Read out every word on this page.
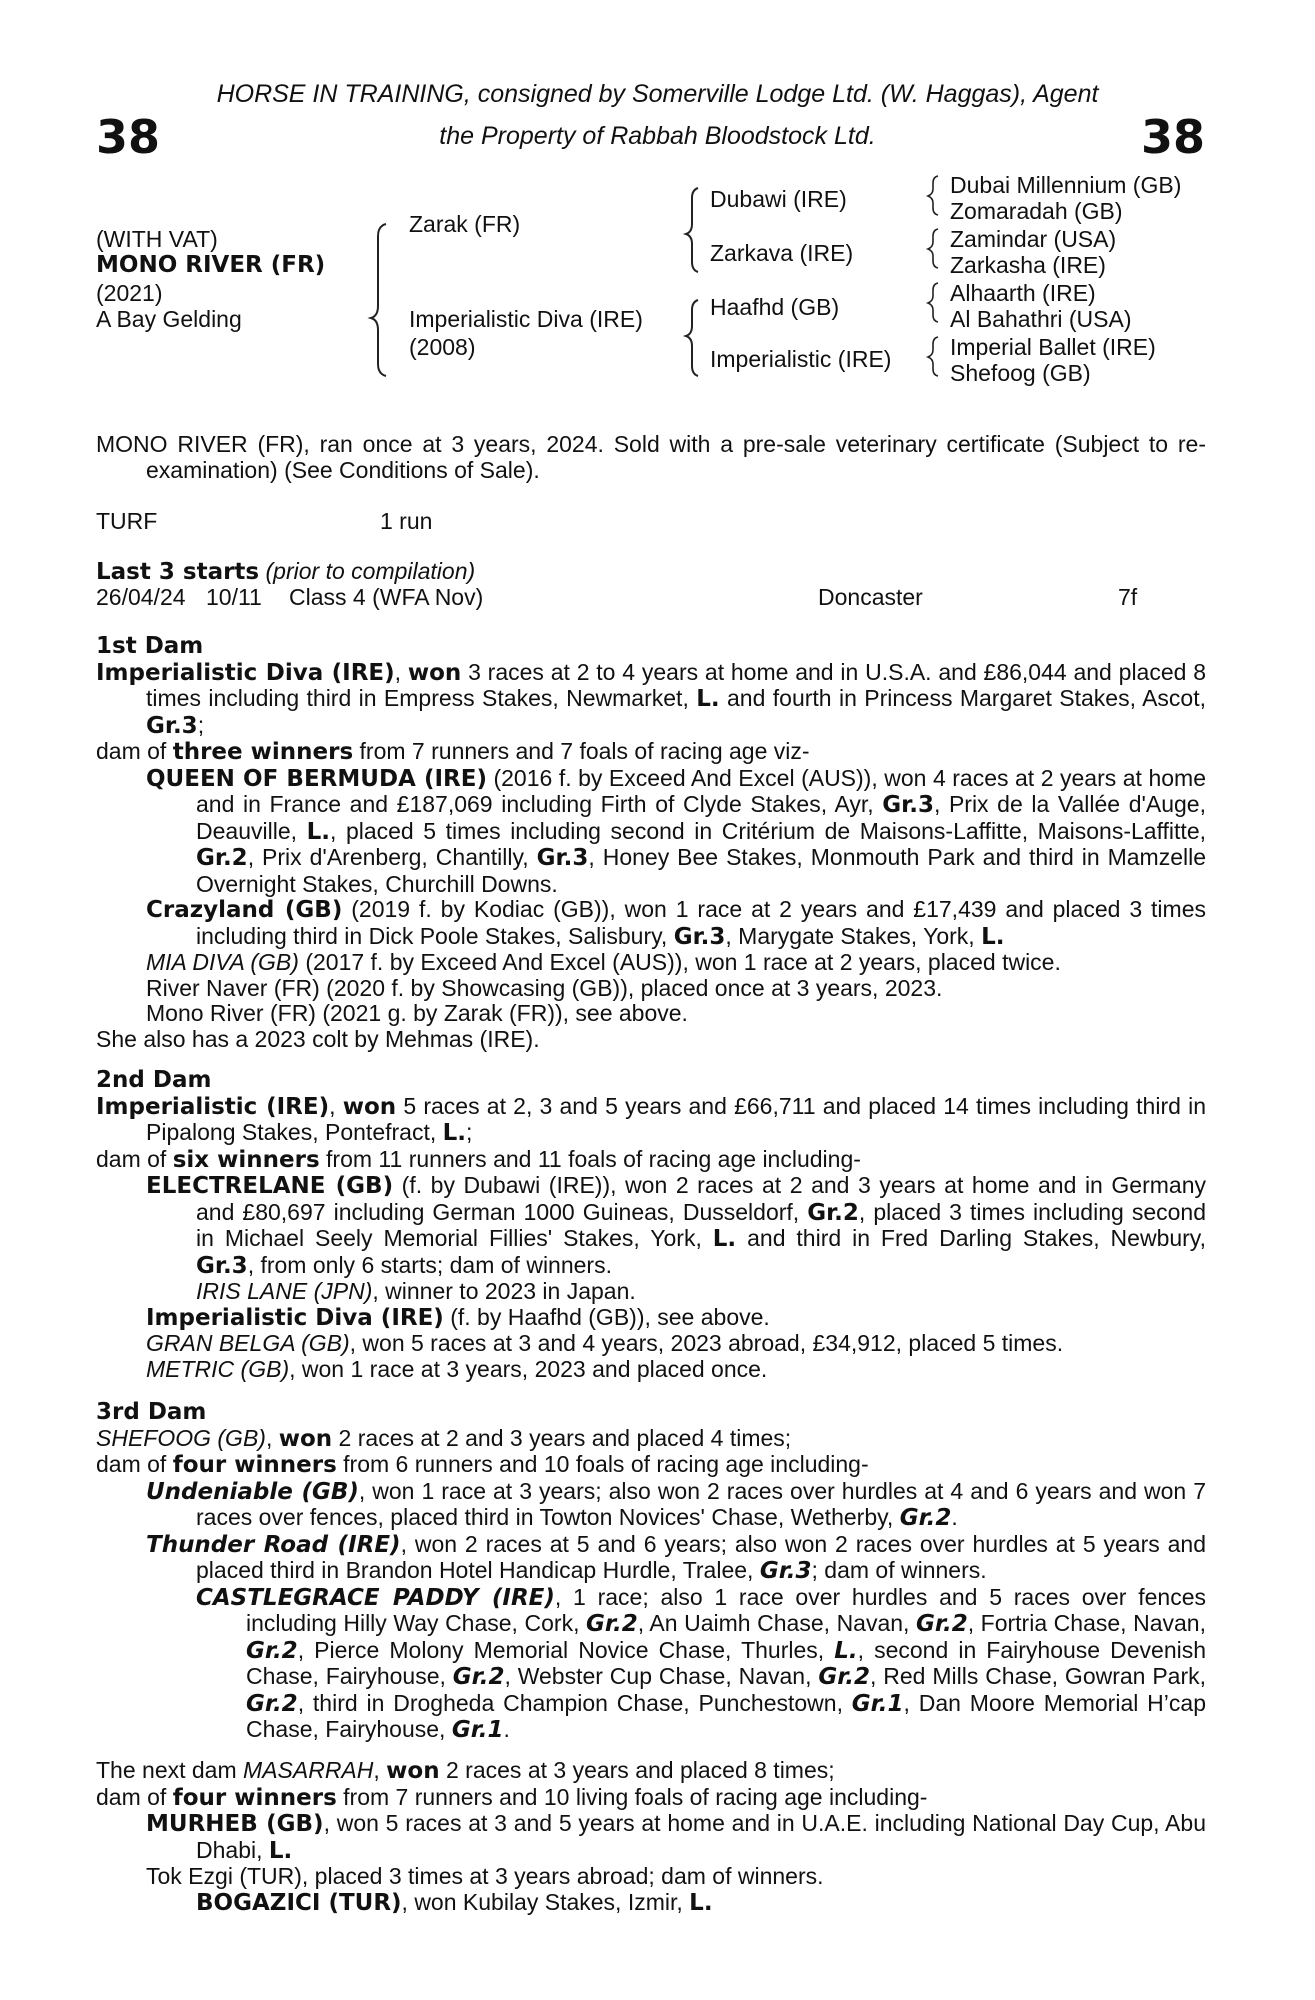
HORSE IN TRAINING, consigned by Somerville Lodge Ltd. (W. Haggas), Agent
the Property of Rabbah Bloodstock Ltd.
38	38
(WITH VAT)
MONO RIVER (FR)
(2021)
A Bay Gelding
Zarak (FR)
Imperialistic Diva (IRE)
(2008)
Dubawi (IRE)
Zarkava (IRE)
Haafhd (GB)
Imperialistic (IRE)
Dubai Millennium (GB)
Zomaradah (GB)
Zamindar (USA)
Zarkasha (IRE)
Alhaarth (IRE)
Al Bahathri (USA)
Imperial Ballet (IRE)
Shefoog (GB)

MONO RIVER (FR), ran once at 3 years, 2024. Sold with a pre-sale veterinary certificate (Subject to re-examination) (See Conditions of Sale).

TURF	1 run
Last 3 starts (prior to compilation)
26/04/24 10/11 Class 4 (WFA Nov)	Doncaster	7f
1st Dam

Imperialistic Diva (IRE), won 3 races at 2 to 4 years at home and in U.S.A. and £86,044 and placed 8 times including third in Empress Stakes, Newmarket, L. and fourth in Princess Margaret Stakes, Ascot, Gr.3;

dam of three winners from 7 runners and 7 foals of racing age viz-

QUEEN OF BERMUDA (IRE) (2016 f. by Exceed And Excel (AUS)), won 4 races at 2 years at home and in France and £187,069 including Firth of Clyde Stakes, Ayr, Gr.3, Prix de la Vallée d'Auge, Deauville, L., placed 5 times including second in Critérium de Maisons-Laffitte, Maisons-Laffitte, Gr.2, Prix d'Arenberg, Chantilly, Gr.3, Honey Bee Stakes, Monmouth Park and third in Mamzelle Overnight Stakes, Churchill Downs.

Crazyland (GB) (2019 f. by Kodiac (GB)), won 1 race at 2 years and £17,439 and placed 3 times including third in Dick Poole Stakes, Salisbury, Gr.3, Marygate Stakes, York, L.

MIA DIVA (GB) (2017 f. by Exceed And Excel (AUS)), won 1 race at 2 years, placed twice.

River Naver (FR) (2020 f. by Showcasing (GB)), placed once at 3 years, 2023.

Mono River (FR) (2021 g. by Zarak (FR)), see above.

She also has a 2023 colt by Mehmas (IRE).

2nd Dam

Imperialistic (IRE), won 5 races at 2, 3 and 5 years and £66,711 and placed 14 times including third in Pipalong Stakes, Pontefract, L.;

dam of six winners from 11 runners and 11 foals of racing age including-

ELECTRELANE (GB) (f. by Dubawi (IRE)), won 2 races at 2 and 3 years at home and in Germany and £80,697 including German 1000 Guineas, Dusseldorf, Gr.2, placed 3 times including second in Michael Seely Memorial Fillies' Stakes, York, L. and third in Fred Darling Stakes, Newbury, Gr.3, from only 6 starts; dam of winners.

IRIS LANE (JPN), winner to 2023 in Japan.

Imperialistic Diva (IRE) (f. by Haafhd (GB)), see above.

GRAN BELGA (GB), won 5 races at 3 and 4 years, 2023 abroad, £34,912, placed 5 times.

METRIC (GB), won 1 race at 3 years, 2023 and placed once.

3rd Dam

SHEFOOG (GB), won 2 races at 2 and 3 years and placed 4 times;

dam of four winners from 6 runners and 10 foals of racing age including-

Undeniable (GB), won 1 race at 3 years; also won 2 races over hurdles at 4 and 6 years and won 7 races over fences, placed third in Towton Novices' Chase, Wetherby, Gr.2.

Thunder Road (IRE), won 2 races at 5 and 6 years; also won 2 races over hurdles at 5 years and placed third in Brandon Hotel Handicap Hurdle, Tralee, Gr.3; dam of winners.

CASTLEGRACE PADDY (IRE), 1 race; also 1 race over hurdles and 5 races over fences including Hilly Way Chase, Cork, Gr.2, An Uaimh Chase, Navan, Gr.2, Fortria Chase, Navan, Gr.2, Pierce Molony Memorial Novice Chase, Thurles, L., second in Fairyhouse Devenish Chase, Fairyhouse, Gr.2, Webster Cup Chase, Navan, Gr.2, Red Mills Chase, Gowran Park, Gr.2, third in Drogheda Champion Chase, Punchestown, Gr.1, Dan Moore Memorial H’cap Chase, Fairyhouse, Gr.1.

The next dam MASARRAH, won 2 races at 3 years and placed 8 times;

dam of four winners from 7 runners and 10 living foals of racing age including-

MURHEB (GB), won 5 races at 3 and 5 years at home and in U.A.E. including National Day Cup, Abu Dhabi, L.

Tok Ezgi (TUR), placed 3 times at 3 years abroad; dam of winners.

BOGAZICI (TUR), won Kubilay Stakes, Izmir, L.
